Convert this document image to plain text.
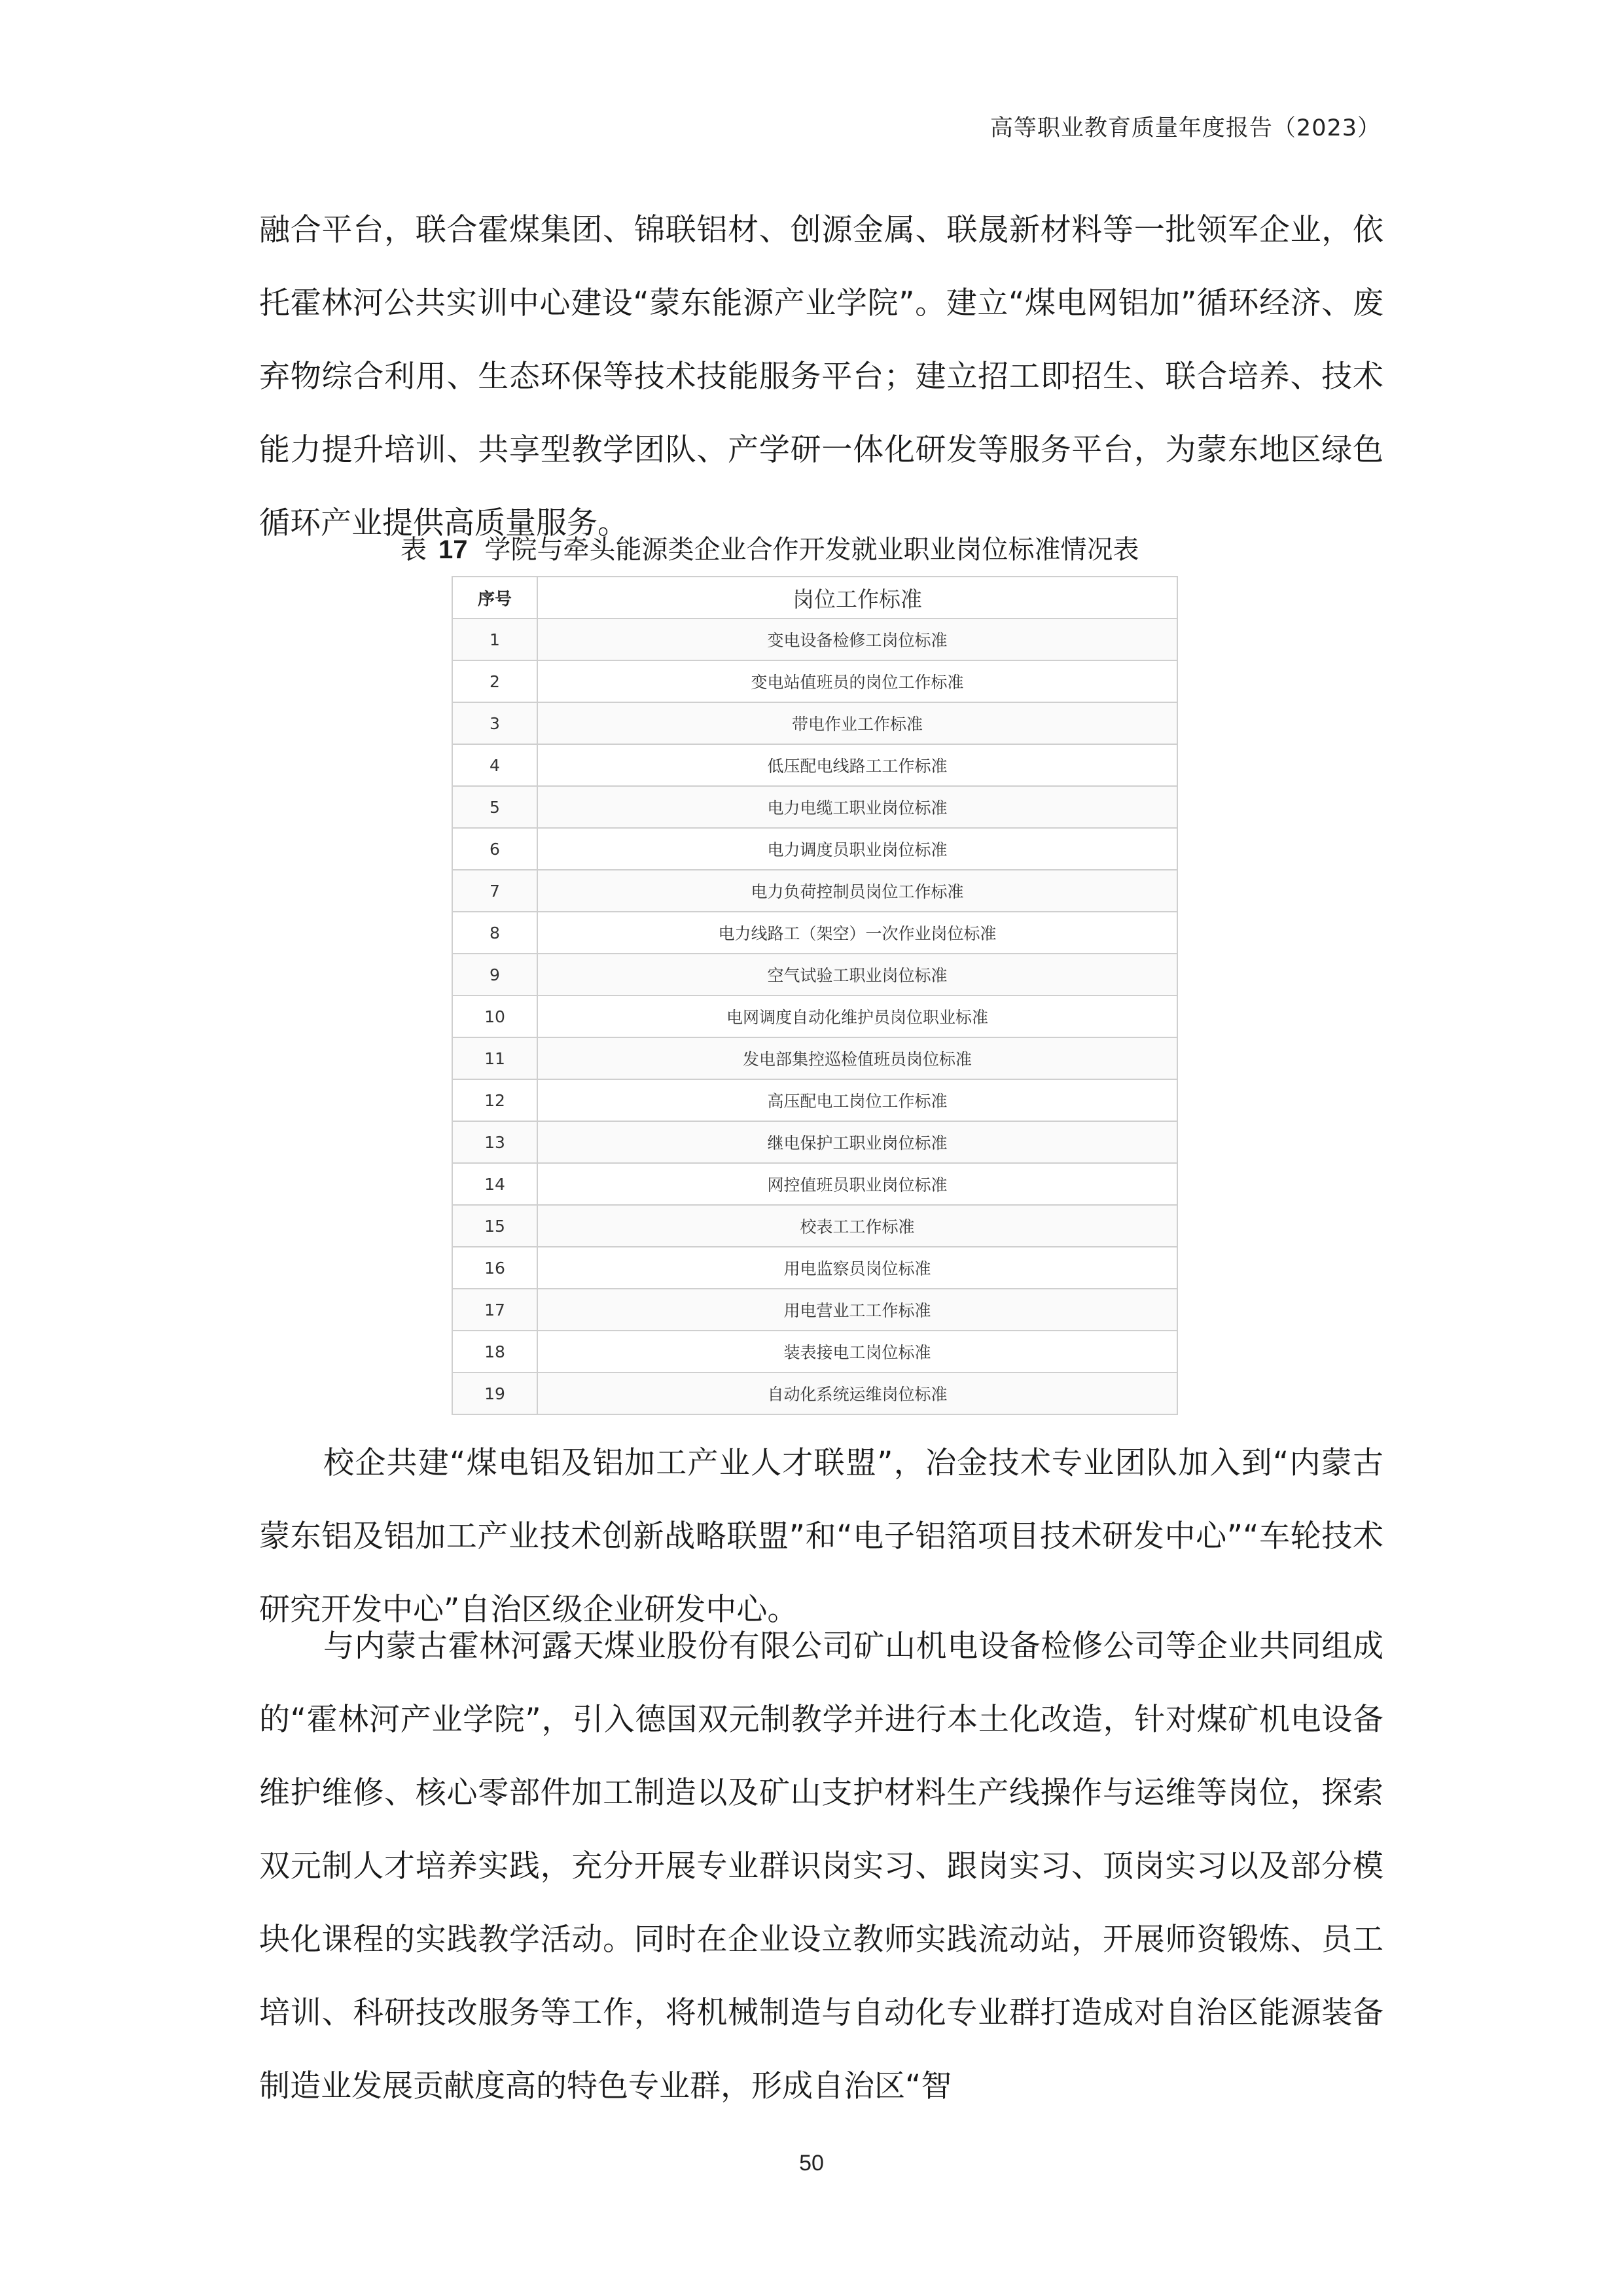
高等职业教育质量年度报告（2023）

融合平台，联合霍煤集团、锦联铝材、创源金属、联晟新材料等一批领军企业，依托霍林河公共实训中心建设“蒙东能源产业学院”。建立“煤电网铝加”循环经济、废弃物综合利用、生态环保等技术技能服务平台；建立招工即招生、联合培养、技术能力提升培训、共享型教学团队、产学研一体化研发等服务平台，为蒙东地区绿色循环产业提供高质量服务。

表 17 学院与牵头能源类企业合作开发就业职业岗位标准情况表
序号	岗位工作标准
1	变电设备检修工岗位标准
2	变电站值班员的岗位工作标准
3	带电作业工作标准
4	低压配电线路工工作标准
5	电力电缆工职业岗位标准
6	电力调度员职业岗位标准
7	电力负荷控制员岗位工作标准
8	电力线路工（架空）一次作业岗位标准
9	空气试验工职业岗位标准
10	电网调度自动化维护员岗位职业标准
11	发电部集控巡检值班员岗位标准
12	高压配电工岗位工作标准
13	继电保护工职业岗位标准
14	网控值班员职业岗位标准
15	校表工工作标准
16	用电监察员岗位标准
17	用电营业工工作标准
18	装表接电工岗位标准
19	自动化系统运维岗位标准

校企共建“煤电铝及铝加工产业人才联盟”，冶金技术专业团队加入到“内蒙古蒙东铝及铝加工产业技术创新战略联盟”和“电子铝箔项目技术研发中心”“车轮技术研究开发中心”自治区级企业研发中心。

与内蒙古霍林河露天煤业股份有限公司矿山机电设备检修公司等企业共同组成的“霍林河产业学院”，引入德国双元制教学并进行本土化改造，针对煤矿机电设备维护维修、核心零部件加工制造以及矿山支护材料生产线操作与运维等岗位，探索双元制人才培养实践，充分开展专业群识岗实习、跟岗实习、顶岗实习以及部分模块化课程的实践教学活动。同时在企业设立教师实践流动站，开展师资锻炼、员工培训、科研技改服务等工作，将机械制造与自动化专业群打造成对自治区能源装备制造业发展贡献度高的特色专业群，形成自治区“智

50
